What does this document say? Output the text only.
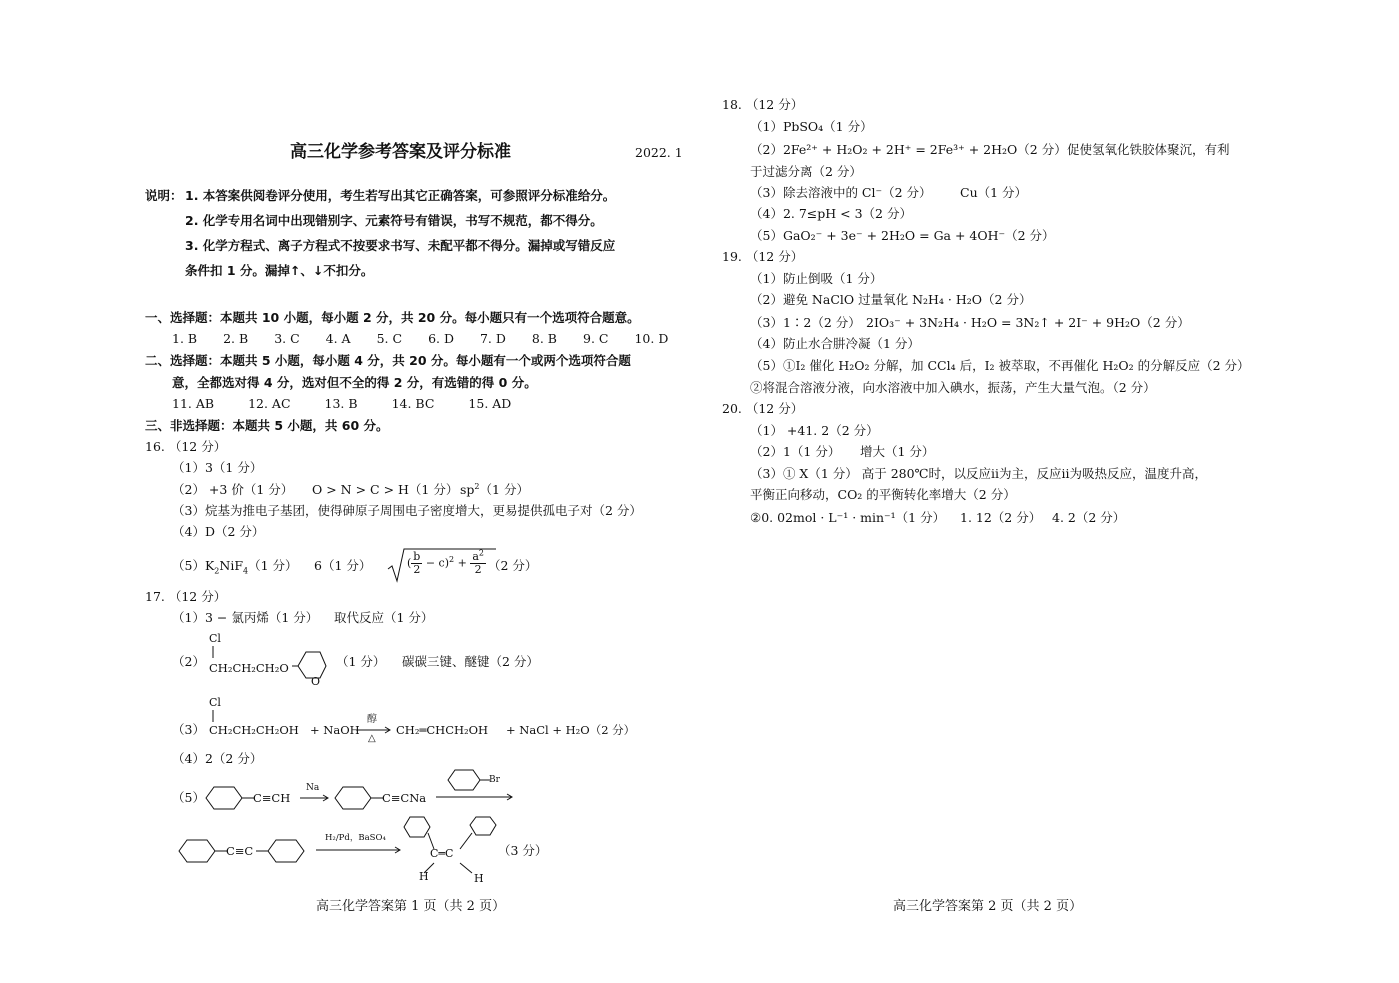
高三化学参考答案及评分标准	2022. 1
说明： 1. 本答案供阅卷评分使用，考生若写出其它正确答案，可参照评分标准给分。
2. 化学专用名词中出现错别字、元素符号有错误，书写不规范，都不得分。
3. 化学方程式、离子方程式不按要求书写、未配平都不得分。漏掉或写错反应
条件扣 1 分。漏掉↑、↓不扣分。
一、选择题：本题共 10 小题，每小题 2 分，共 20 分。每小题只有一个选项符合题意。
1. B 2. B 3. C 4. A 5. C 6. D 7. D 8. B 9. C 10. D
二、选择题：本题共 5 小题，每小题 4 分，共 20 分。每小题有一个或两个选项符合题
意，全都选对得 4 分，选对但不全的得 2 分，有选错的得 0 分。
11. AB	12. AC	13. B	14. BC	15. AD
三、非选择题：本题共 5 小题，共 60 分。
16. （12 分）
（1）3（1 分）
（2） +3 价（1 分） O > N > C > H（1 分） $sp^2(1$ 分）
（3）烷基为推电子基团，使得砷原子周围电子密度增大，更易提供孤电子对（2 分）
（4）D（2 分）
$(5)K_2NiF_4(1$ 分） 6（1 分）	( $\frac{b}{2} - c)^2 + \frac{a^2}{2} (2$ 分）
17. （12 分）
（1）3 − 氯丙烯（1 分） 取代反应（1 分）
（2）
Cl
CH₂CH₂CH₂O
O
（1 分） 碳碳三键、醚键（2 分）
（3）
Cl
CH₂CH₂CH₂OH + NaOH
醇
△
CH₂═CHCH₂OH + NaCl + H₂O（2 分）
（4）2（2 分）
（5）	C≡CH
Na
C≡CNa
Br
C≡C
H₂/Pd，BaSO₄
C═C
H	H
（3 分）
高三化学答案第 1 页（共 2 页）
18. （12 分）
（1）PbSO₄（1 分）
（2）2Fe²⁺ + H₂O₂ + 2H⁺ = 2Fe³⁺ + 2H₂O（2 分） 促使氢氧化铁胶体聚沉，有利
于过滤分离（2 分）
（3）除去溶液中的 Cl⁻（2 分） Cu（1 分）
（4）2. 7≤pH < 3（2 分）
（5）GaO₂⁻ + 3e⁻ + 2H₂O = Ga + 4OH⁻（2 分）
19. （12 分）
（1）防止倒吸（1 分）
（2）避免 NaClO 过量氧化 N₂H₄ · H₂O（2 分）
（3）1∶2（2 分） 2IO₃⁻ + 3N₂H₄ · H₂O = 3N₂↑ + 2I⁻ + 9H₂O（2 分）
（4）防止水合肼冷凝（1 分）
（5）①I₂ 催化 H₂O₂ 分解，加 CCl₄ 后，I₂ 被萃取，不再催化 H₂O₂ 的分解反应（2 分）
②将混合溶液分液，向水溶液中加入碘水，振荡，产生大量气泡。（2 分）
20. （12 分）
（1） +41. 2（2 分）
（2）1（1 分） 增大（1 分）
（3）① X（1 分） 高于 280℃时，以反应ⅱ为主，反应ⅱ为吸热反应，温度升高，
平衡正向移动，CO₂ 的平衡转化率增大（2 分）
②0. 02mol · L⁻¹ · min⁻¹（1 分） 1. 12（2 分） 4. 2（2 分）
高三化学答案第 2 页（共 2 页）
